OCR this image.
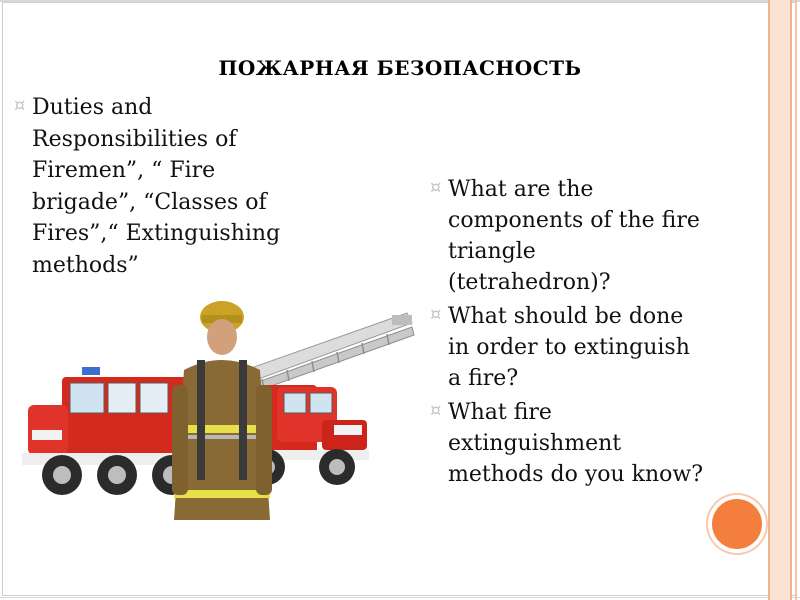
ПОЖАРНАЯ БЕЗОПАСНОСТЬ
¤ Duties and
Responsibilities of
Firemen”, “ Fire
brigade”, “Classes of
Fires”,“ Extinguishing
methods”
¤ What are the
components of the fire
triangle
(tetrahedron)?
¤ What should be done
in order to extinguish
a fire?
¤ What fire
extinguishment
methods do you know?
